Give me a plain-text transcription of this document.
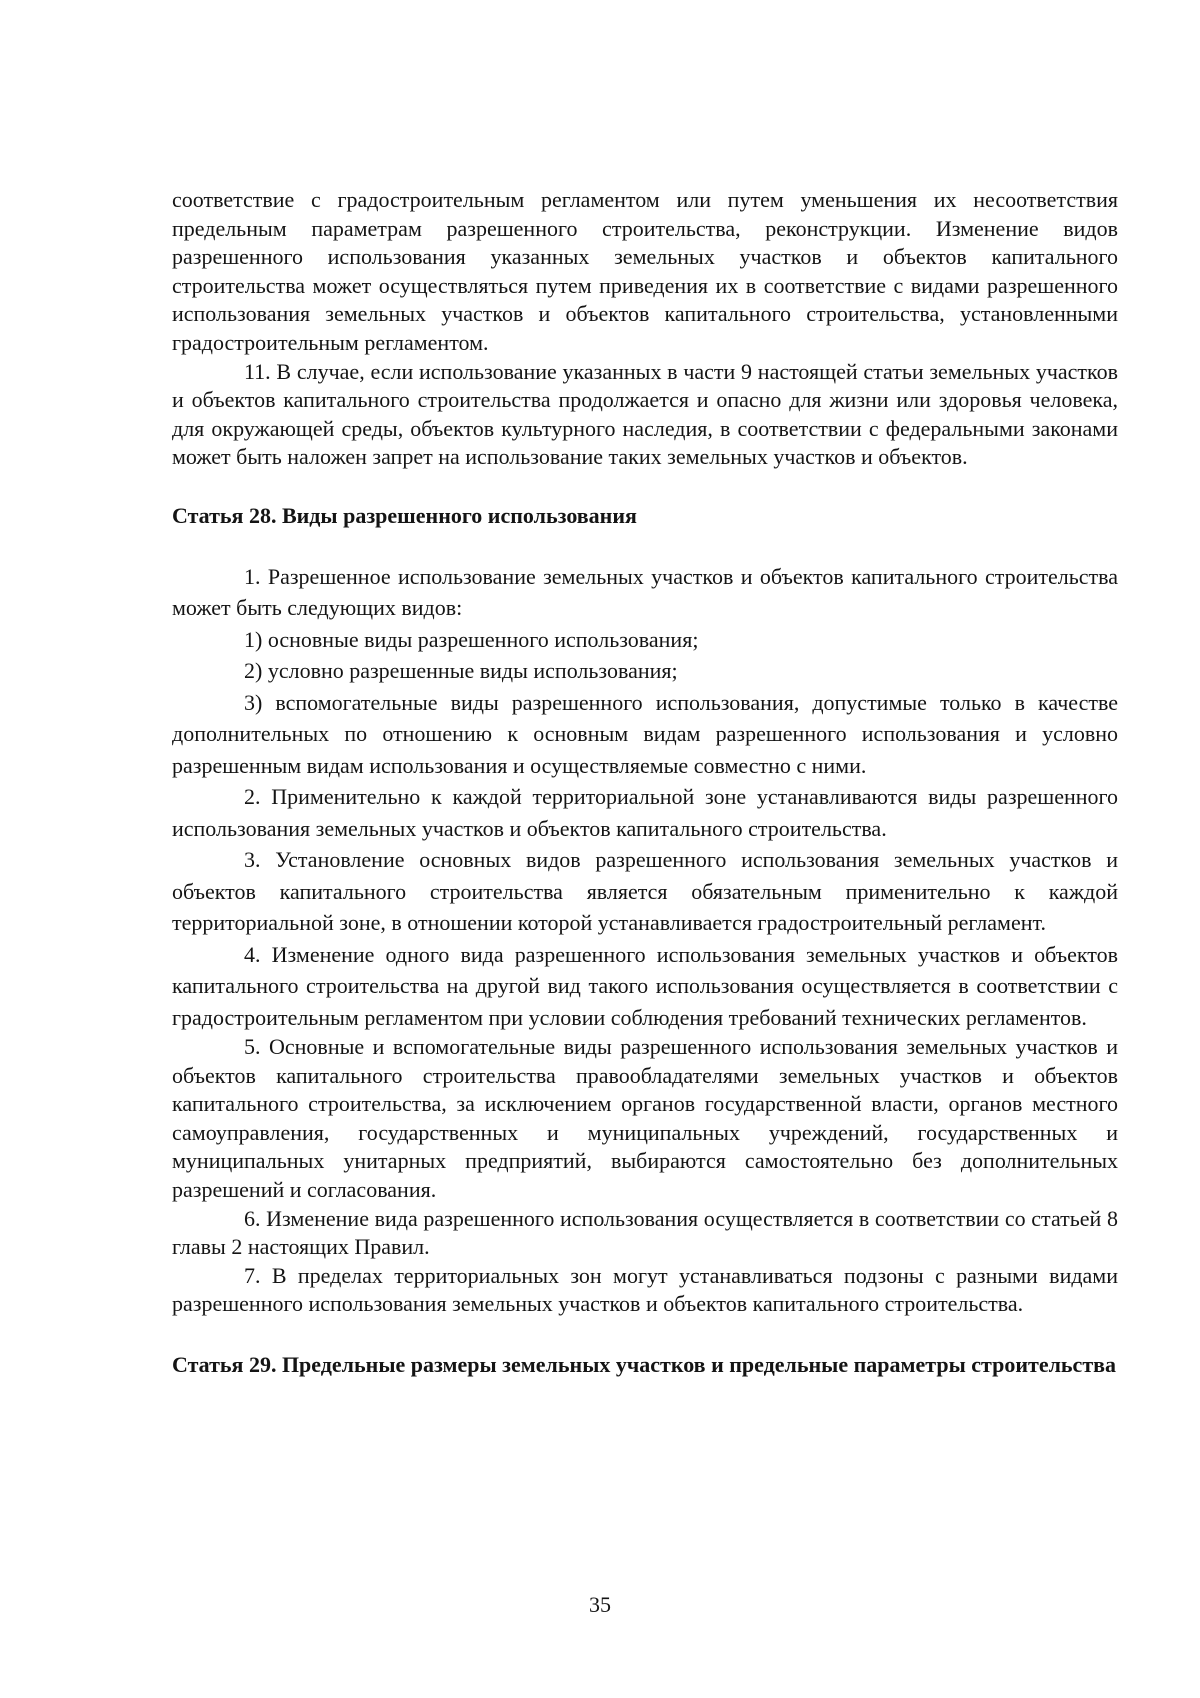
соответствие с градостроительным регламентом или путем уменьшения их несоответствия предельным параметрам разрешенного строительства, реконструкции. Изменение видов разрешенного использования указанных земельных участков и объектов капитального строительства может осуществляться путем приведения их в соответствие с видами разрешенного использования земельных участков и объектов капитального строительства, установленными градостроительным регламентом.

11. В случае, если использование указанных в части 9 настоящей статьи земельных участков и объектов капитального строительства продолжается и опасно для жизни или здоровья человека, для окружающей среды, объектов культурного наследия, в соответствии с федеральными законами может быть наложен запрет на использование таких земельных участков и объектов.

Статья 28. Виды разрешенного использования

1. Разрешенное использование земельных участков и объектов капитального строительства может быть следующих видов:

1) основные виды разрешенного использования;

2) условно разрешенные виды использования;

3) вспомогательные виды разрешенного использования, допустимые только в качестве дополнительных по отношению к основным видам разрешенного использования и условно разрешенным видам использования и осуществляемые совместно с ними.

2. Применительно к каждой территориальной зоне устанавливаются виды разрешенного использования земельных участков и объектов капитального строительства.

3. Установление основных видов разрешенного использования земельных участков и объектов капитального строительства является обязательным применительно к каждой территориальной зоне, в отношении которой устанавливается градостроительный регламент.

4. Изменение одного вида разрешенного использования земельных участков и объектов капитального строительства на другой вид такого использования осуществляется в соответствии с градостроительным регламентом при условии соблюдения требований технических регламентов.

5. Основные и вспомогательные виды разрешенного использования земельных участков и объектов капитального строительства правообладателями земельных участков и объектов капитального строительства, за исключением органов государственной власти, органов местного самоуправления, государственных и муниципальных учреждений, государственных и муниципальных унитарных предприятий, выбираются самостоятельно без дополнительных разрешений и согласования.

6. Изменение вида разрешенного использования осуществляется в соответствии со статьей 8 главы 2 настоящих Правил.

7. В пределах территориальных зон могут устанавливаться подзоны с разными видами разрешенного использования земельных участков и объектов капитального строительства.

Статья 29. Предельные размеры земельных участков и предельные параметры строительства
35
